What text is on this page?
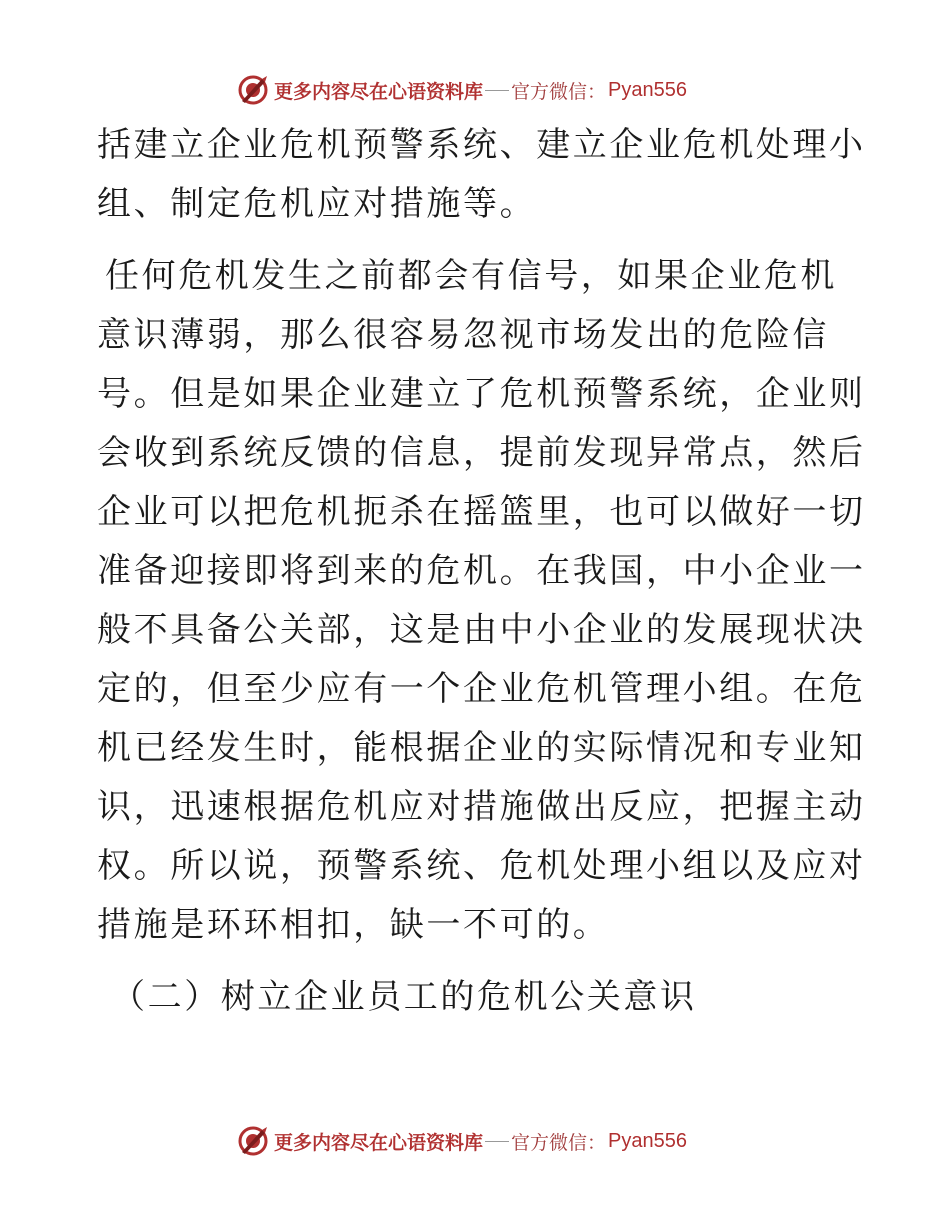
更多内容尽在心语资料库 官方微信： Pyan556

括建立企业危机预警系统、建立企业危机处理小组、制定危机应对措施等。

任何危机发生之前都会有信号，如果企业危机意识薄弱，那么很容易忽视市场发出的危险信号。但是如果企业建立了危机预警系统，企业则会收到系统反馈的信息，提前发现异常点，然后企业可以把危机扼杀在摇篮里，也可以做好一切准备迎接即将到来的危机。在我国，中小企业一般不具备公关部，这是由中小企业的发展现状决定的，但至少应有一个企业危机管理小组。在危机已经发生时，能根据企业的实际情况和专业知识，迅速根据危机应对措施做出反应，把握主动权。所以说，预警系统、危机处理小组以及应对措施是环环相扣，缺一不可的。

（二）树立企业员工的危机公关意识

更多内容尽在心语资料库 官方微信： Pyan556
